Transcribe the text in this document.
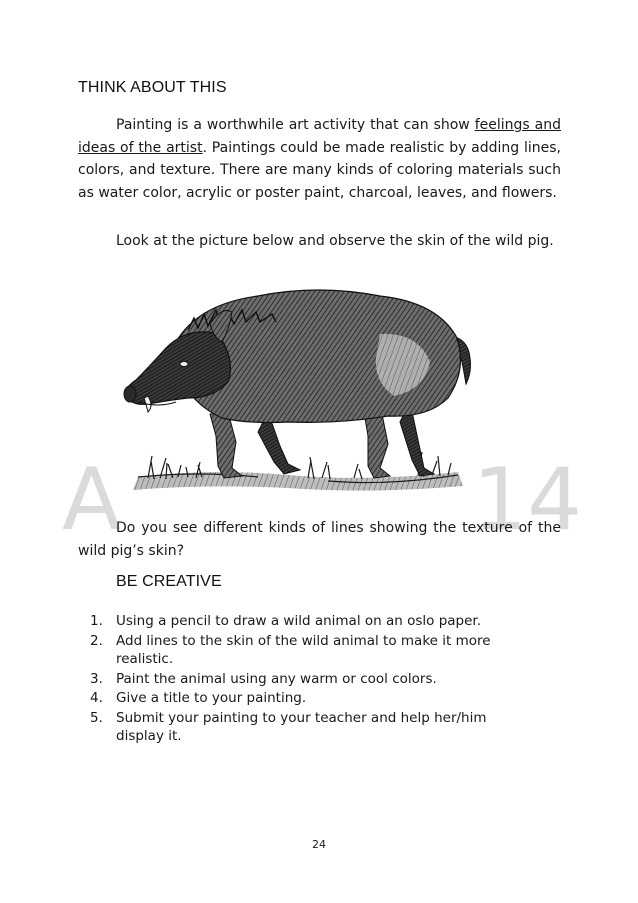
THINK ABOUT THIS

Painting is a worthwhile art activity that can show feelings and ideas of the artist. Paintings could be made realistic by adding lines, colors, and texture. There are many kinds of coloring materials such as water color, acrylic or poster paint, charcoal, leaves, and flowers.

Look at the picture below and observe the skin of the wild pig.

A	14

Do you see different kinds of lines showing the texture of the wild pig’s skin?

BE CREATIVE
1. Using a pencil to draw a wild animal on an oslo paper.
2. Add lines to the skin of the wild animal to make it more realistic.
3. Paint the animal using any warm or cool colors.
4. Give a title to your painting.
5. Submit your painting to your teacher and help her/him display it.
24
